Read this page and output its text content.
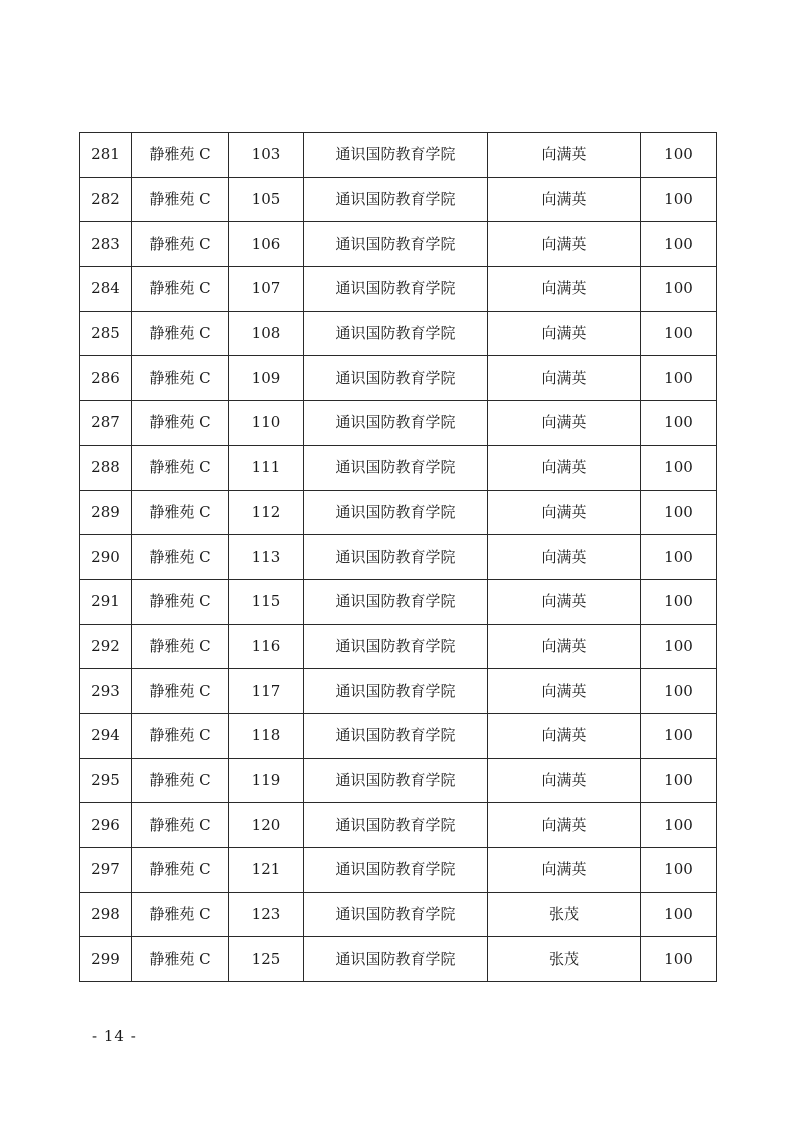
281	静雅苑 C	103	通识国防教育学院	向满英	100
282	静雅苑 C	105	通识国防教育学院	向满英	100
283	静雅苑 C	106	通识国防教育学院	向满英	100
284	静雅苑 C	107	通识国防教育学院	向满英	100
285	静雅苑 C	108	通识国防教育学院	向满英	100
286	静雅苑 C	109	通识国防教育学院	向满英	100
287	静雅苑 C	110	通识国防教育学院	向满英	100
288	静雅苑 C	111	通识国防教育学院	向满英	100
289	静雅苑 C	112	通识国防教育学院	向满英	100
290	静雅苑 C	113	通识国防教育学院	向满英	100
291	静雅苑 C	115	通识国防教育学院	向满英	100
292	静雅苑 C	116	通识国防教育学院	向满英	100
293	静雅苑 C	117	通识国防教育学院	向满英	100
294	静雅苑 C	118	通识国防教育学院	向满英	100
295	静雅苑 C	119	通识国防教育学院	向满英	100
296	静雅苑 C	120	通识国防教育学院	向满英	100
297	静雅苑 C	121	通识国防教育学院	向满英	100
298	静雅苑 C	123	通识国防教育学院	张茂	100
299	静雅苑 C	125	通识国防教育学院	张茂	100
- 14 -
